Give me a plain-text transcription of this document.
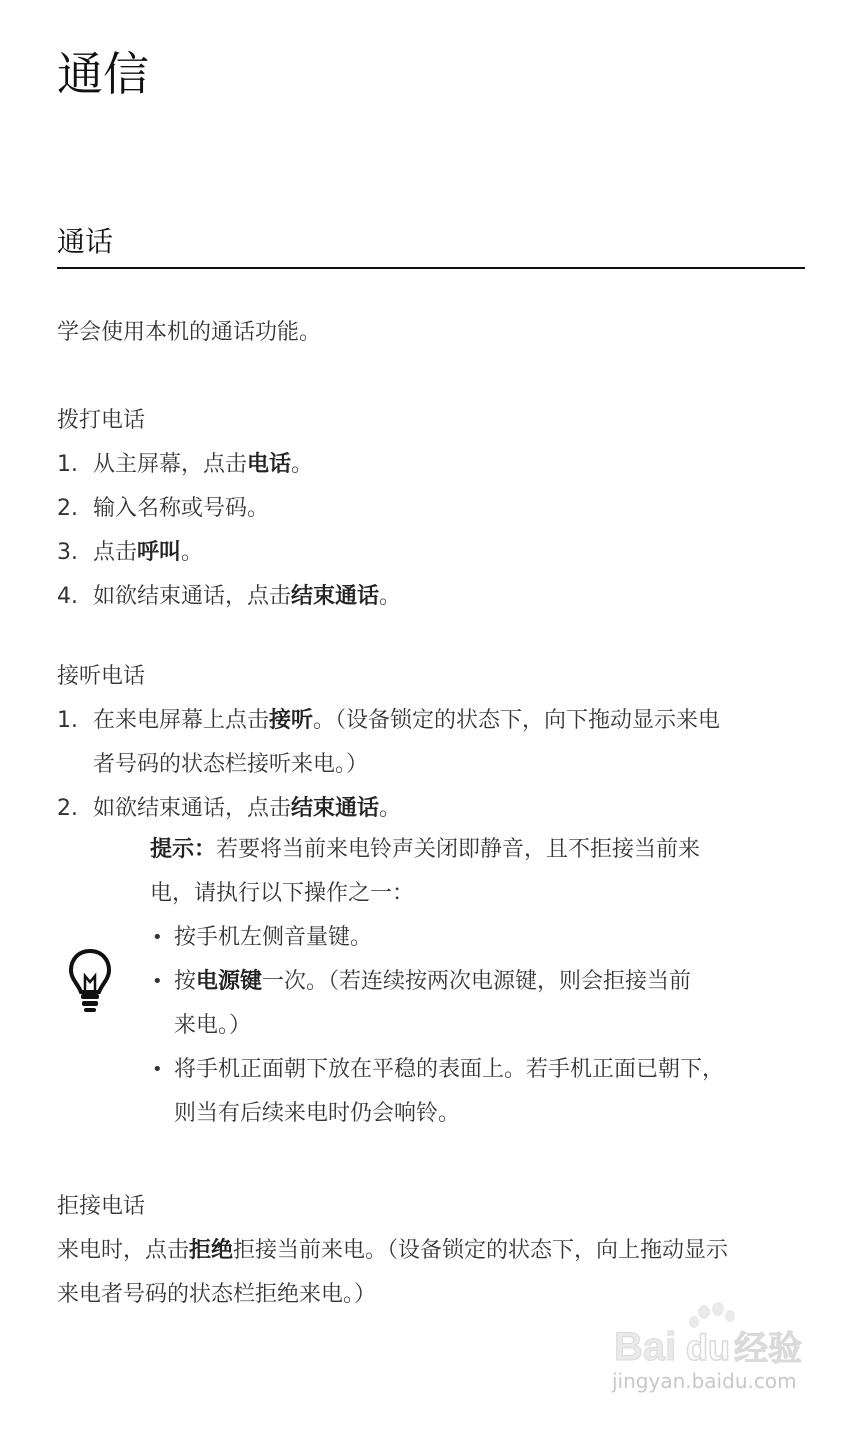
通信
通话
学会使用本机的通话功能。
拨打电话
1. 从主屏幕，点击电话。
2. 输入名称或号码。
3. 点击呼叫。
4. 如欲结束通话，点击结束通话。
接听电话
1. 在来电屏幕上点击接听。（设备锁定的状态下，向下拖动显示来电
者号码的状态栏接听来电。）
2. 如欲结束通话，点击结束通话。
提示：若要将当前来电铃声关闭即静音，且不拒接当前来
电，请执行以下操作之一：
• 按手机左侧音量键。
• 按电源键一次。（若连续按两次电源键，则会拒接当前
来电。）
• 将手机正面朝下放在平稳的表面上。若手机正面已朝下，
则当有后续来电时仍会响铃。
拒接电话
来电时，点击拒绝拒接当前来电。（设备锁定的状态下，向上拖动显示
来电者号码的状态栏拒绝来电。）
Bai du 经验
jingyan.baidu.com
